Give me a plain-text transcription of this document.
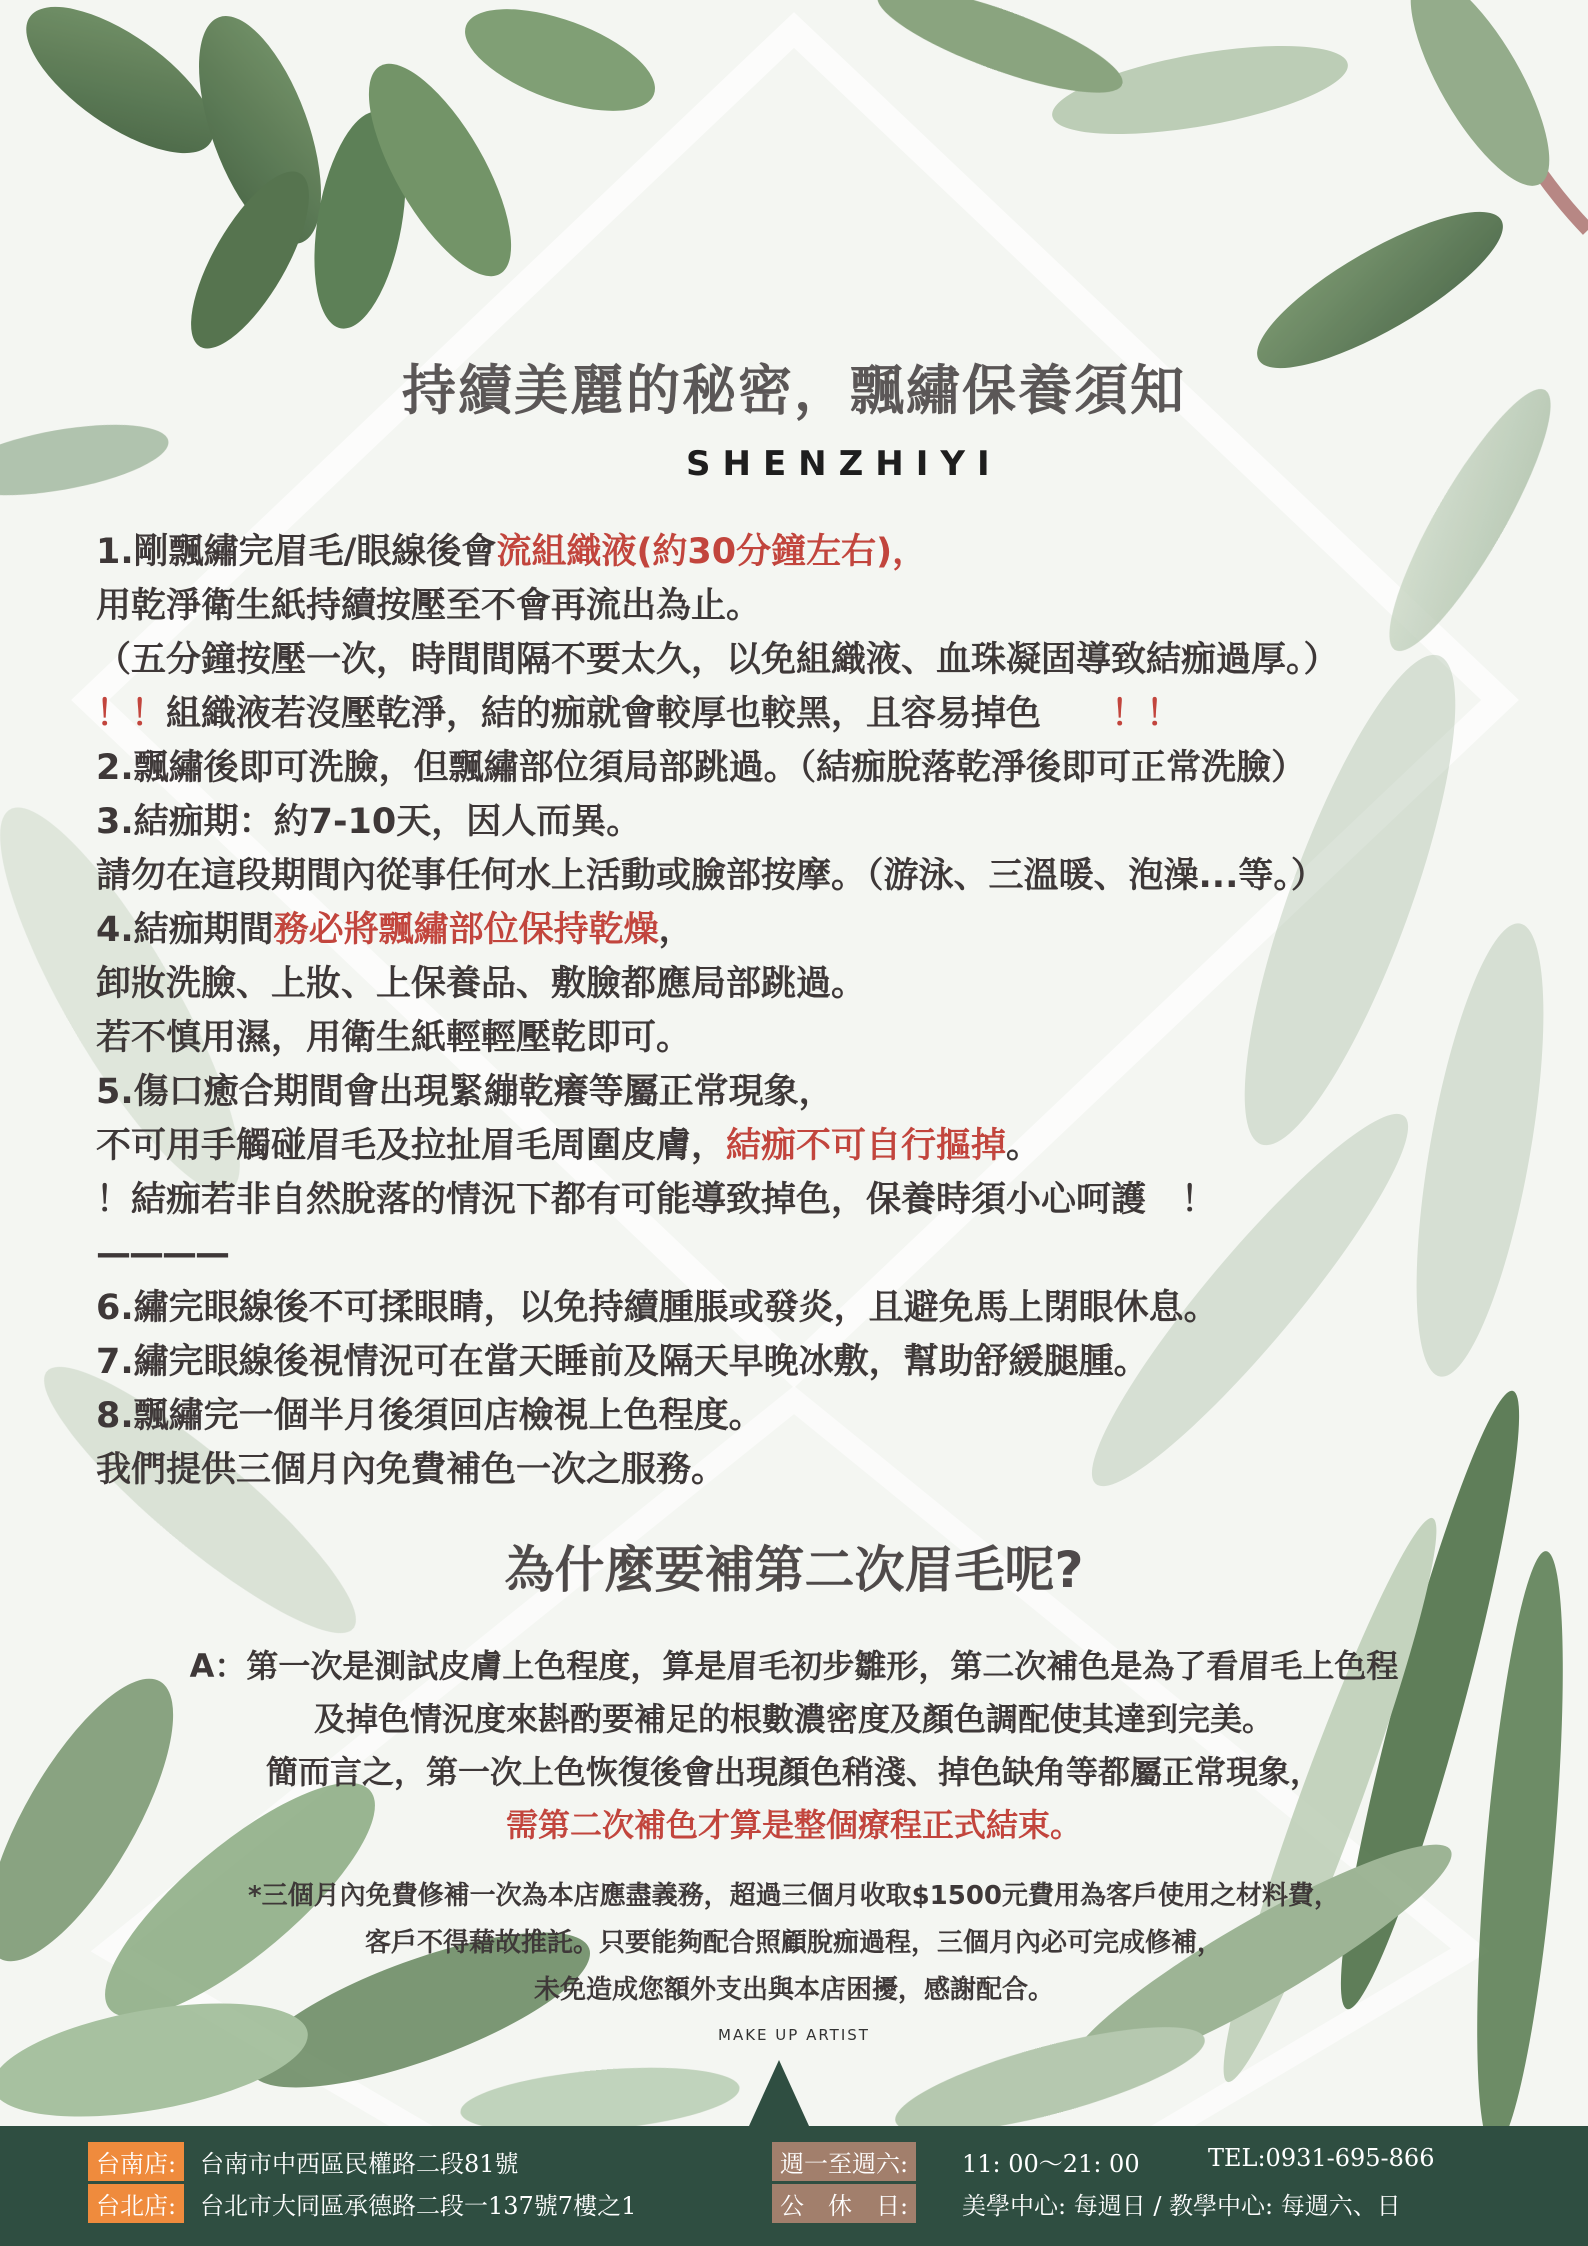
持續美麗的秘密，飄繡保養須知
SHENZHIYI
1.剛飄繡完眉毛/眼線後會流組織液(約30分鐘左右)，
用乾淨衛生紙持續按壓至不會再流出為止。
（五分鐘按壓一次，時間間隔不要太久，以免組織液、血珠凝固導致結痂過厚。）
！！組織液若沒壓乾淨，結的痂就會較厚也較黑，且容易掉色　　 ！！
2.飄繡後即可洗臉，但飄繡部位須局部跳過。（結痂脫落乾淨後即可正常洗臉）
3.結痂期：約7-10天，因人而異。
請勿在這段期間內從事任何水上活動或臉部按摩。（游泳、三溫暖、泡澡...等。）
4.結痂期間務必將飄繡部位保持乾燥，
卸妝洗臉、上妝、上保養品、敷臉都應局部跳過。
若不慎用濕，用衛生紙輕輕壓乾即可。
5.傷口癒合期間會出現緊繃乾癢等屬正常現象，
不可用手觸碰眉毛及拉扯眉毛周圍皮膚，結痂不可自行摳掉。
！結痂若非自然脫落的情況下都有可能導致掉色，保養時須小心呵護　！
————
6.繡完眼線後不可揉眼睛，以免持續腫脹或發炎，且避免馬上閉眼休息。
7.繡完眼線後視情況可在當天睡前及隔天早晚冰敷，幫助舒緩腿腫。
8.飄繡完一個半月後須回店檢視上色程度。
我們提供三個月內免費補色一次之服務。
為什麼要補第二次眉毛呢?
A：第一次是測試皮膚上色程度，算是眉毛初步雛形，第二次補色是為了看眉毛上色程
及掉色情況度來斟酌要補足的根數濃密度及顏色調配使其達到完美。
簡而言之，第一次上色恢復後會出現顏色稍淺、掉色缺角等都屬正常現象，
需第二次補色才算是整個療程正式結束。
*三個月內免費修補一次為本店應盡義務，超過三個月收取$1500元費用為客戶使用之材料費，
客戶不得藉故推託。只要能夠配合照顧脫痂過程，三個月內必可完成修補，
未免造成您額外支出與本店困擾，感謝配合。
MAKE UP ARTIST
台南店: 台南市中西區民權路二段81號
台北店: 台北市大同區承德路二段一137號7樓之1
週一至週六:	11: 00～21: 00	TEL:0931-695-866
公　休　日:	美學中心: 每週日 / 教學中心: 每週六、日
